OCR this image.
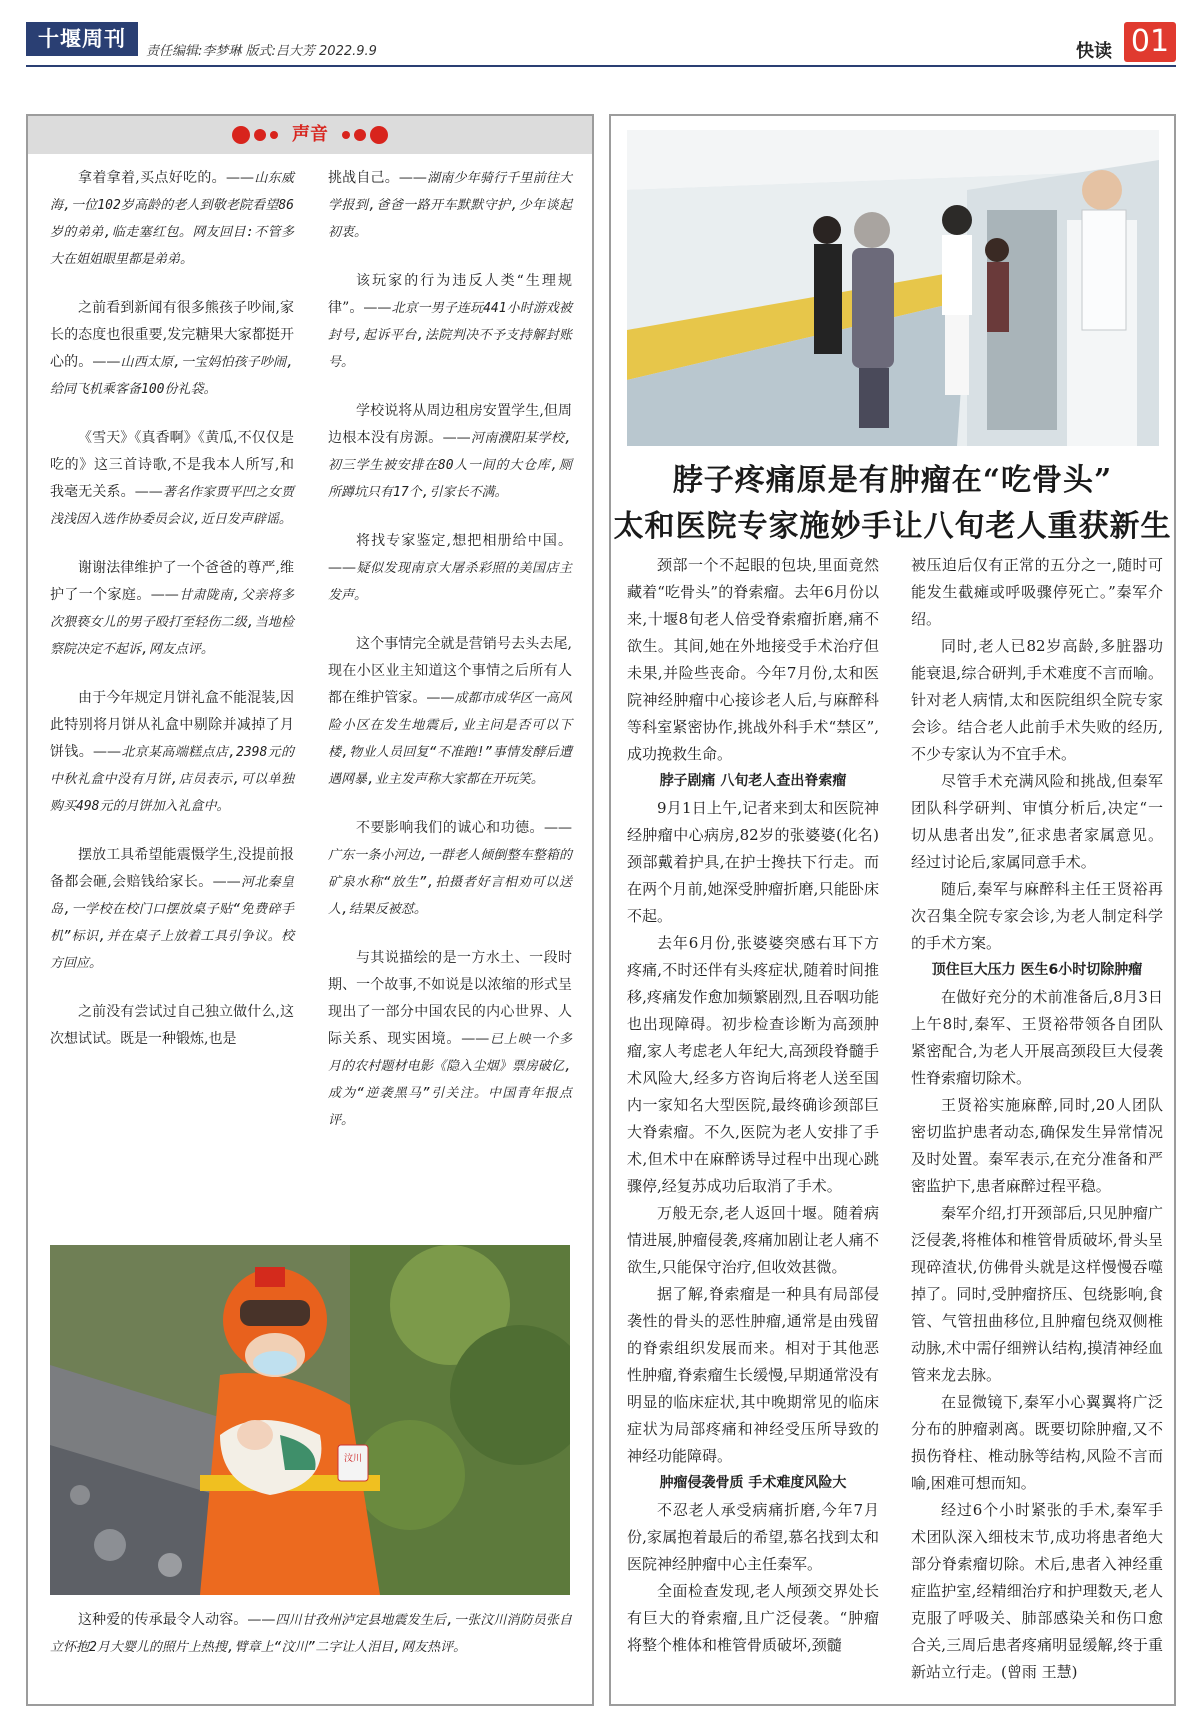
十堰周刊
责任编辑:李梦琳 版式:吕大芳 2022.9.9	快读 01
声音
拿着拿着,买点好吃的。——山东威海,一位102岁高龄的老人到敬老院看望86岁的弟弟,临走塞红包。网友回目:不管多大在姐姐眼里都是弟弟。
之前看到新闻有很多熊孩子吵闹,家长的态度也很重要,发完糖果大家都挺开心的。——山西太原,一宝妈怕孩子吵闹,给同飞机乘客备100份礼袋。
《雪天》《真香啊》《黄瓜,不仅仅是吃的》这三首诗歌,不是我本人所写,和我毫无关系。——著名作家贾平凹之女贾浅浅因入选作协委员会议,近日发声辟谣。
谢谢法律维护了一个爸爸的尊严,维护了一个家庭。——甘肃陇南,父亲将多次猥亵女儿的男子殴打至轻伤二级,当地检察院决定不起诉,网友点评。
由于今年规定月饼礼盒不能混装,因此特别将月饼从礼盒中剔除并减掉了月饼钱。——北京某高端糕点店,2398元的中秋礼盒中没有月饼,店员表示,可以单独购买498元的月饼加入礼盒中。
摆放工具希望能震慑学生,没提前报备都会砸,会赔钱给家长。——河北秦皇岛,一学校在校门口摆放桌子贴“免费碎手机”标识,并在桌子上放着工具引争议。校方回应。
之前没有尝试过自己独立做什么,这次想试试。既是一种锻炼,也是
挑战自己。——湖南少年骑行千里前往大学报到,爸爸一路开车默默守护,少年谈起初衷。
该玩家的行为违反人类“生理规律”。——北京一男子连玩441小时游戏被封号,起诉平台,法院判决不予支持解封账号。
学校说将从周边租房安置学生,但周边根本没有房源。——河南濮阳某学校,初三学生被安排在80人一间的大仓库,厕所蹲坑只有17个,引家长不满。
将找专家鉴定,想把相册给中国。——疑似发现南京大屠杀彩照的美国店主发声。
这个事情完全就是营销号去头去尾,现在小区业主知道这个事情之后所有人都在维护管家。——成都市成华区一高风险小区在发生地震后,业主问是否可以下楼,物业人员回复“不准跑!”事情发酵后遭遇网暴,业主发声称大家都在开玩笑。
不要影响我们的诚心和功德。——广东一条小河边,一群老人倾倒整车整箱的矿泉水称“放生”,拍摄者好言相劝可以送人,结果反被怼。
与其说描绘的是一方水土、一段时期、一个故事,不如说是以浓缩的形式呈现出了一部分中国农民的内心世界、人际关系、现实困境。——已上映一个多月的农村题材电影《隐入尘烟》票房破亿,成为“逆袭黑马”引关注。中国青年报点评。
汶川
这种爱的传承最令人动容。——四川甘孜州泸定县地震发生后,一张汶川消防员张自立怀抱2月大婴儿的照片上热搜,臂章上“汶川”二字让人泪目,网友热评。
脖子疼痛原是有肿瘤在“吃骨头”
太和医院专家施妙手让八旬老人重获新生

颈部一个不起眼的包块,里面竟然藏着“吃骨头”的脊索瘤。去年6月份以来,十堰8旬老人倍受脊索瘤折磨,痛不欲生。其间,她在外地接受手术治疗但未果,并险些丧命。今年7月份,太和医院神经肿瘤中心接诊老人后,与麻醉科等科室紧密协作,挑战外科手术“禁区”,成功挽救生命。

脖子剧痛 八旬老人查出脊索瘤

9月1日上午,记者来到太和医院神经肿瘤中心病房,82岁的张婆婆(化名)颈部戴着护具,在护士搀扶下行走。而在两个月前,她深受肿瘤折磨,只能卧床不起。

去年6月份,张婆婆突感右耳下方疼痛,不时还伴有头疼症状,随着时间推移,疼痛发作愈加频繁剧烈,且吞咽功能也出现障碍。初步检查诊断为高颈肿瘤,家人考虑老人年纪大,高颈段脊髓手术风险大,经多方咨询后将老人送至国内一家知名大型医院,最终确诊颈部巨大脊索瘤。不久,医院为老人安排了手术,但术中在麻醉诱导过程中出现心跳骤停,经复苏成功后取消了手术。

万般无奈,老人返回十堰。随着病情进展,肿瘤侵袭,疼痛加剧让老人痛不欲生,只能保守治疗,但收效甚微。

据了解,脊索瘤是一种具有局部侵袭性的骨头的恶性肿瘤,通常是由残留的脊索组织发展而来。相对于其他恶性肿瘤,脊索瘤生长缓慢,早期通常没有明显的临床症状,其中晚期常见的临床症状为局部疼痛和神经受压所导致的神经功能障碍。

肿瘤侵袭骨质 手术难度风险大

不忍老人承受病痛折磨,今年7月份,家属抱着最后的希望,慕名找到太和医院神经肿瘤中心主任秦军。

全面检查发现,老人颅颈交界处长有巨大的脊索瘤,且广泛侵袭。“肿瘤将整个椎体和椎管骨质破坏,颈髓

被压迫后仅有正常的五分之一,随时可能发生截瘫或呼吸骤停死亡。”秦军介绍。

同时,老人已82岁高龄,多脏器功能衰退,综合研判,手术难度不言而喻。针对老人病情,太和医院组织全院专家会诊。结合老人此前手术失败的经历,不少专家认为不宜手术。

尽管手术充满风险和挑战,但秦军团队科学研判、审慎分析后,决定“一切从患者出发”,征求患者家属意见。经过讨论后,家属同意手术。

随后,秦军与麻醉科主任王贤裕再次召集全院专家会诊,为老人制定科学的手术方案。

顶住巨大压力 医生6小时切除肿瘤

在做好充分的术前准备后,8月3日上午8时,秦军、王贤裕带领各自团队紧密配合,为老人开展高颈段巨大侵袭性脊索瘤切除术。

王贤裕实施麻醉,同时,20人团队密切监护患者动态,确保发生异常情况及时处置。秦军表示,在充分准备和严密监护下,患者麻醉过程平稳。

秦军介绍,打开颈部后,只见肿瘤广泛侵袭,将椎体和椎管骨质破坏,骨头呈现碎渣状,仿佛骨头就是这样慢慢吞噬掉了。同时,受肿瘤挤压、包绕影响,食管、气管扭曲移位,且肿瘤包绕双侧椎动脉,术中需仔细辨认结构,摸清神经血管来龙去脉。

在显微镜下,秦军小心翼翼将广泛分布的肿瘤剥离。既要切除肿瘤,又不损伤脊柱、椎动脉等结构,风险不言而喻,困难可想而知。

经过6个小时紧张的手术,秦军手术团队深入细枝末节,成功将患者绝大部分脊索瘤切除。术后,患者入神经重症监护室,经精细治疗和护理数天,老人克服了呼吸关、肺部感染关和伤口愈合关,三周后患者疼痛明显缓解,终于重新站立行走。(曾雨 王慧)
